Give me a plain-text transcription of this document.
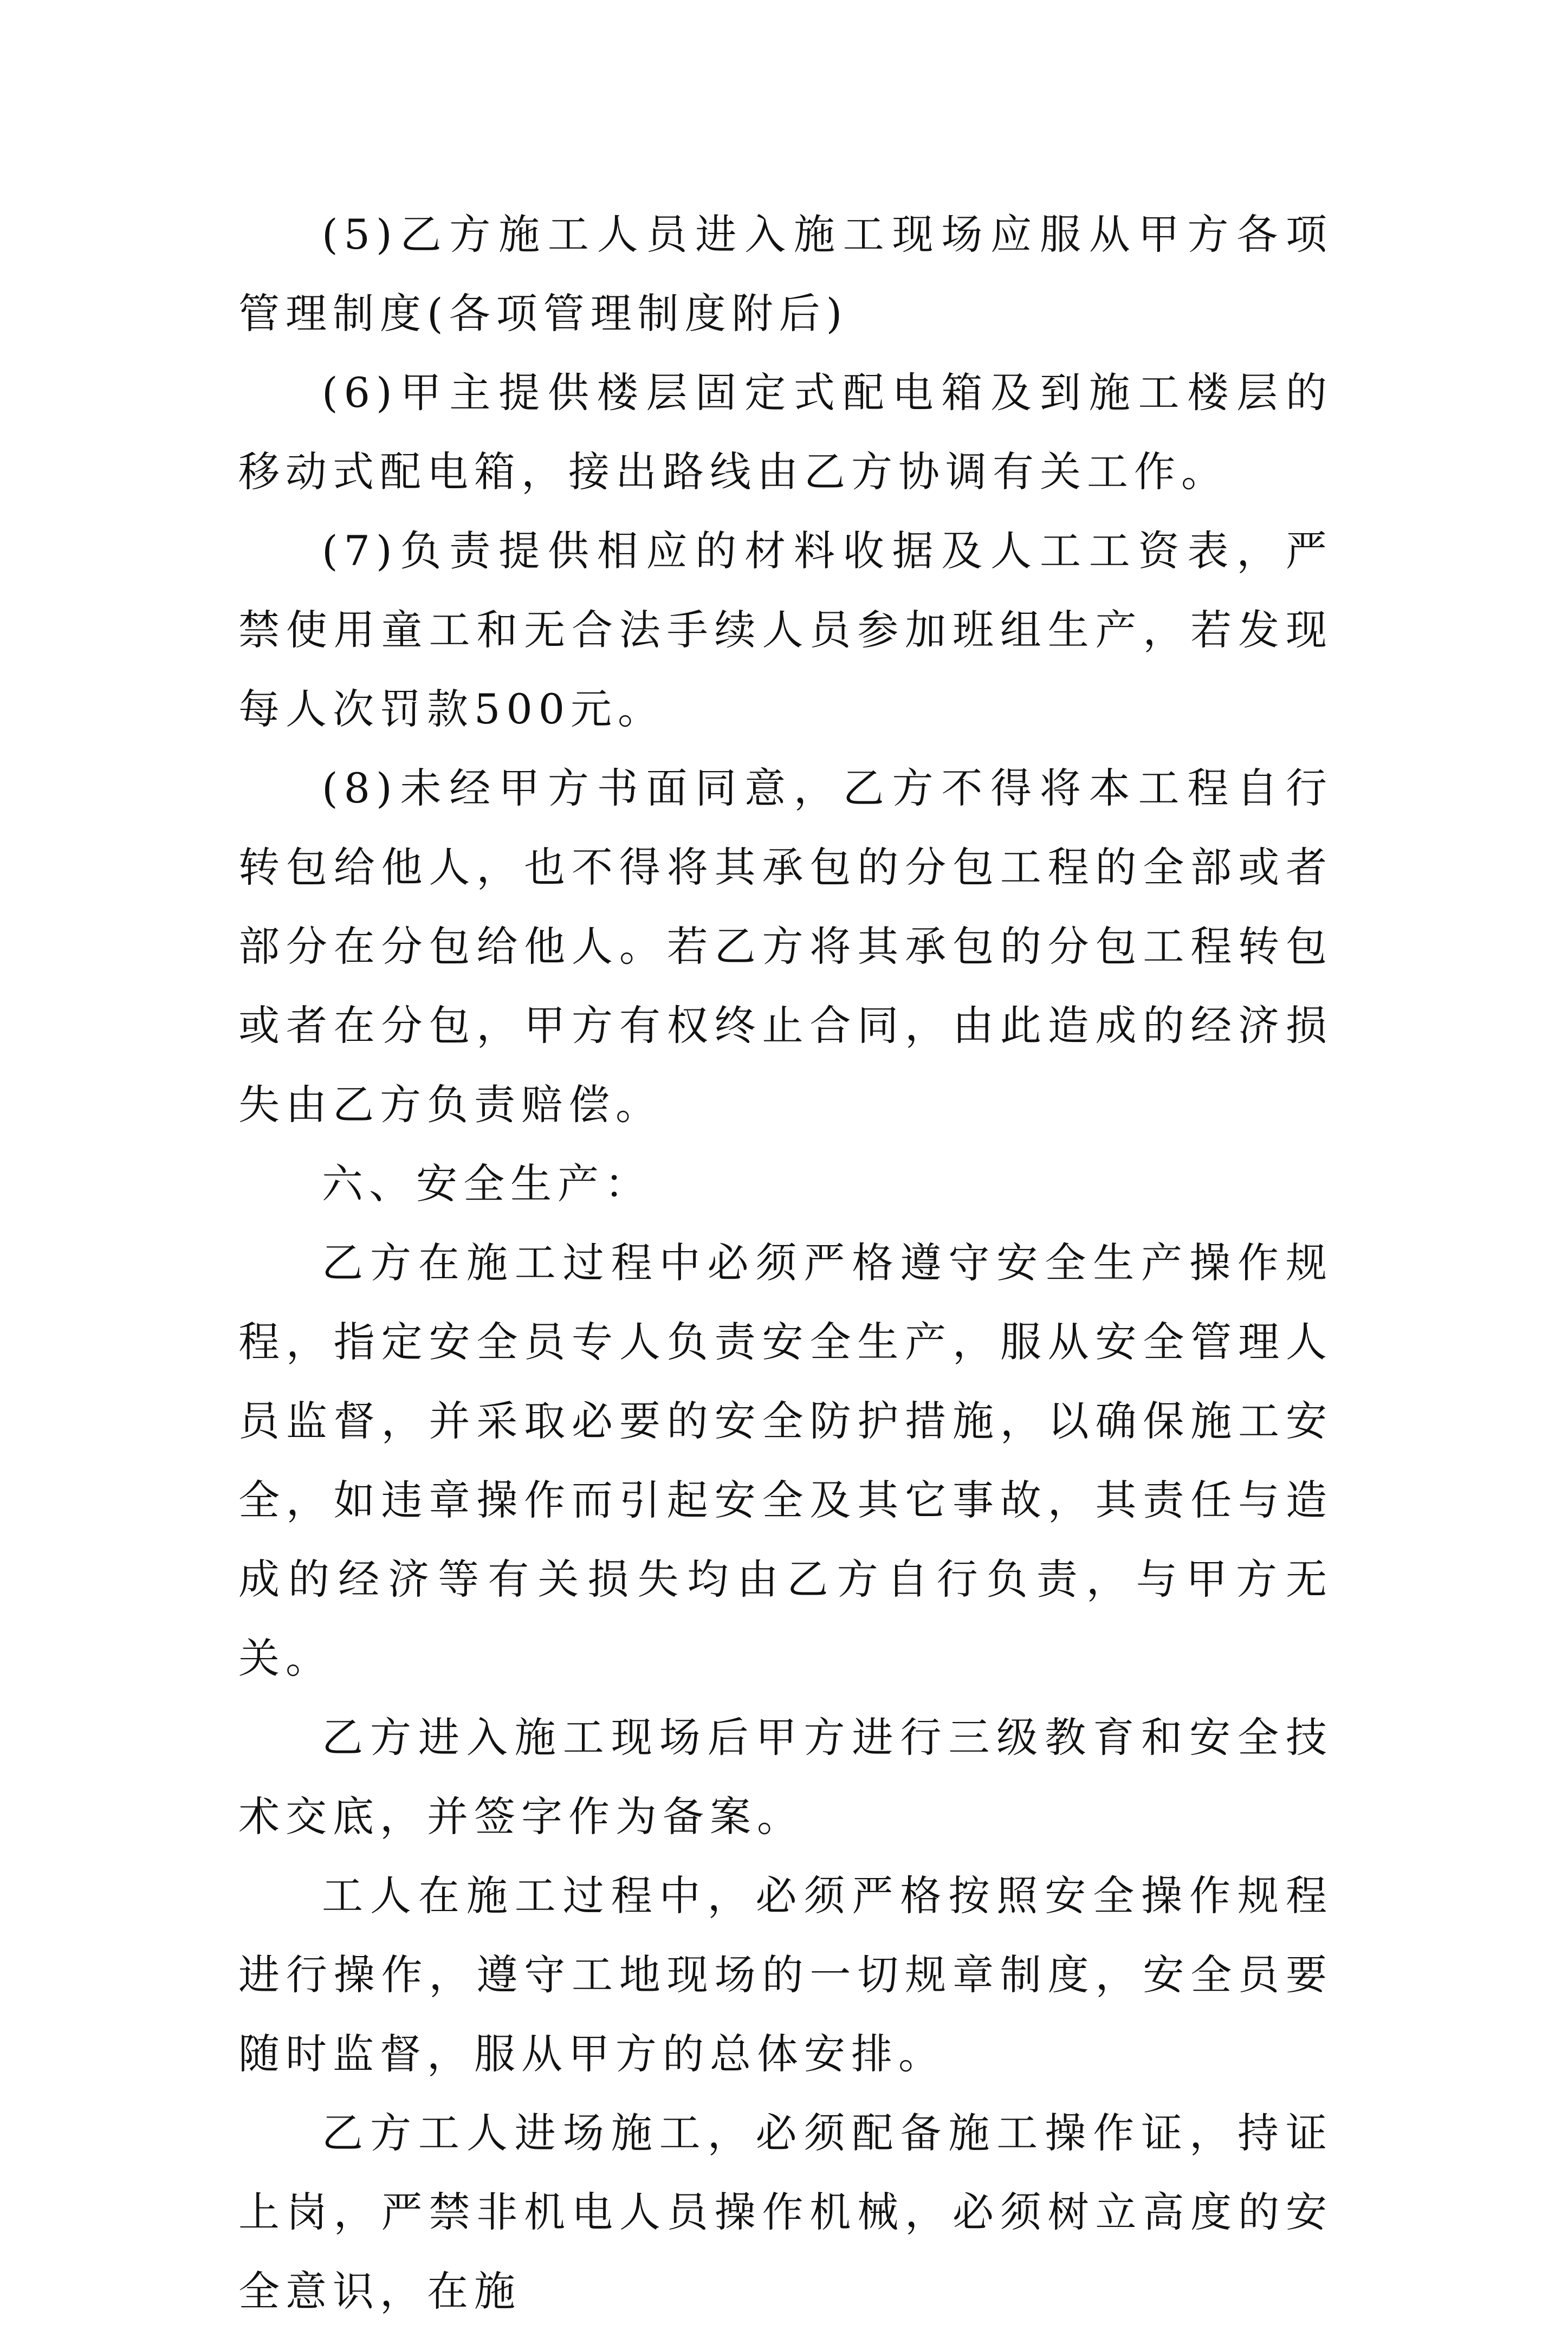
(5)乙方施工人员进入施工现场应服从甲方各项管理制度(各项管理制度附后)

(6)甲主提供楼层固定式配电箱及到施工楼层的移动式配电箱，接出路线由乙方协调有关工作。

(7)负责提供相应的材料收据及人工工资表，严禁使用童工和无合法手续人员参加班组生产，若发现每人次罚款500元。

(8)未经甲方书面同意，乙方不得将本工程自行转包给他人，也不得将其承包的分包工程的全部或者部分在分包给他人。若乙方将其承包的分包工程转包或者在分包，甲方有权终止合同，由此造成的经济损失由乙方负责赔偿。

六、安全生产：

乙方在施工过程中必须严格遵守安全生产操作规程，指定安全员专人负责安全生产，服从安全管理人员监督，并采取必要的安全防护措施，以确保施工安全，如违章操作而引起安全及其它事故，其责任与造成的经济等有关损失均由乙方自行负责，与甲方无关。

乙方进入施工现场后甲方进行三级教育和安全技术交底，并签字作为备案。

工人在施工过程中，必须严格按照安全操作规程进行操作，遵守工地现场的一切规章制度，安全员要随时监督，服从甲方的总体安排。

乙方工人进场施工，必须配备施工操作证，持证上岗，严禁非机电人员操作机械，必须树立高度的安全意识，在施
